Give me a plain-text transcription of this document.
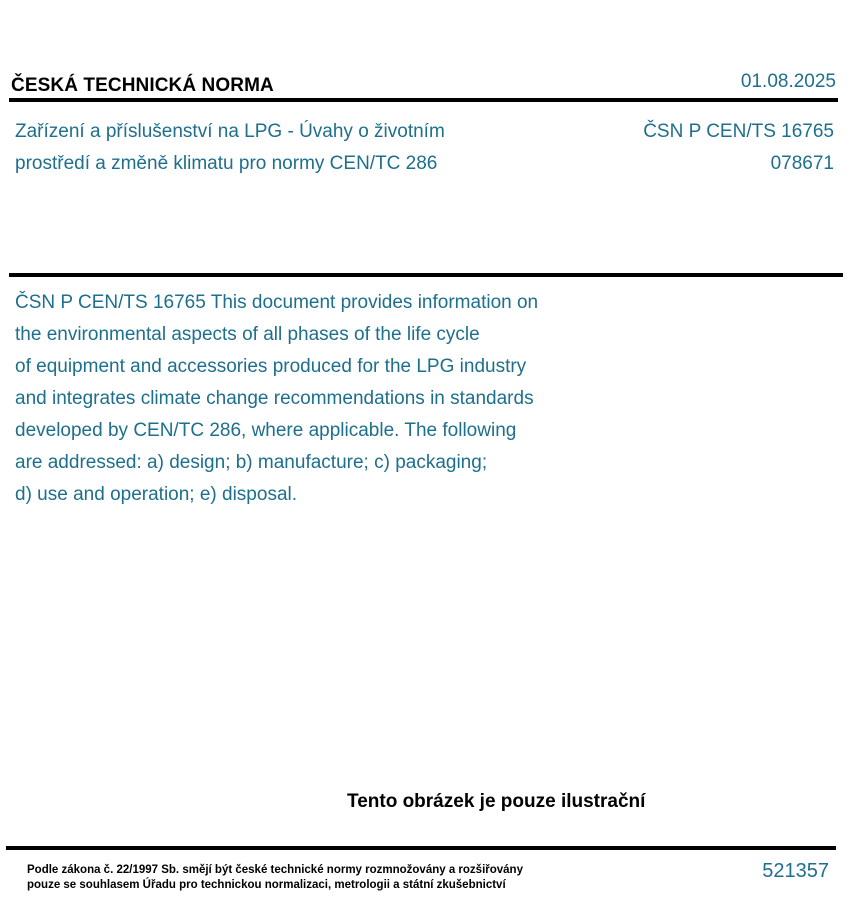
ČESKÁ TECHNICKÁ NORMA	01.08.2025
Zařízení a příslušenství na LPG - Úvahy o životním
prostředí a změně klimatu pro normy CEN/TC 286
ČSN P CEN/TS 16765
078671
ČSN P CEN/TS 16765 This document provides information on
the environmental aspects of all phases of the life cycle
of equipment and accessories produced for the LPG industry
and integrates climate change recommendations in standards
developed by CEN/TC 286, where applicable. The following
are addressed: a) design; b) manufacture; c) packaging;
d) use and operation; e) disposal.
Tento obrázek je pouze ilustrační
Podle zákona č. 22/1997 Sb. smějí být české technické normy rozmnožovány a rozšiřovány
pouze se souhlasem Úřadu pro technickou normalizaci, metrologii a státní zkušebnictví
521357
